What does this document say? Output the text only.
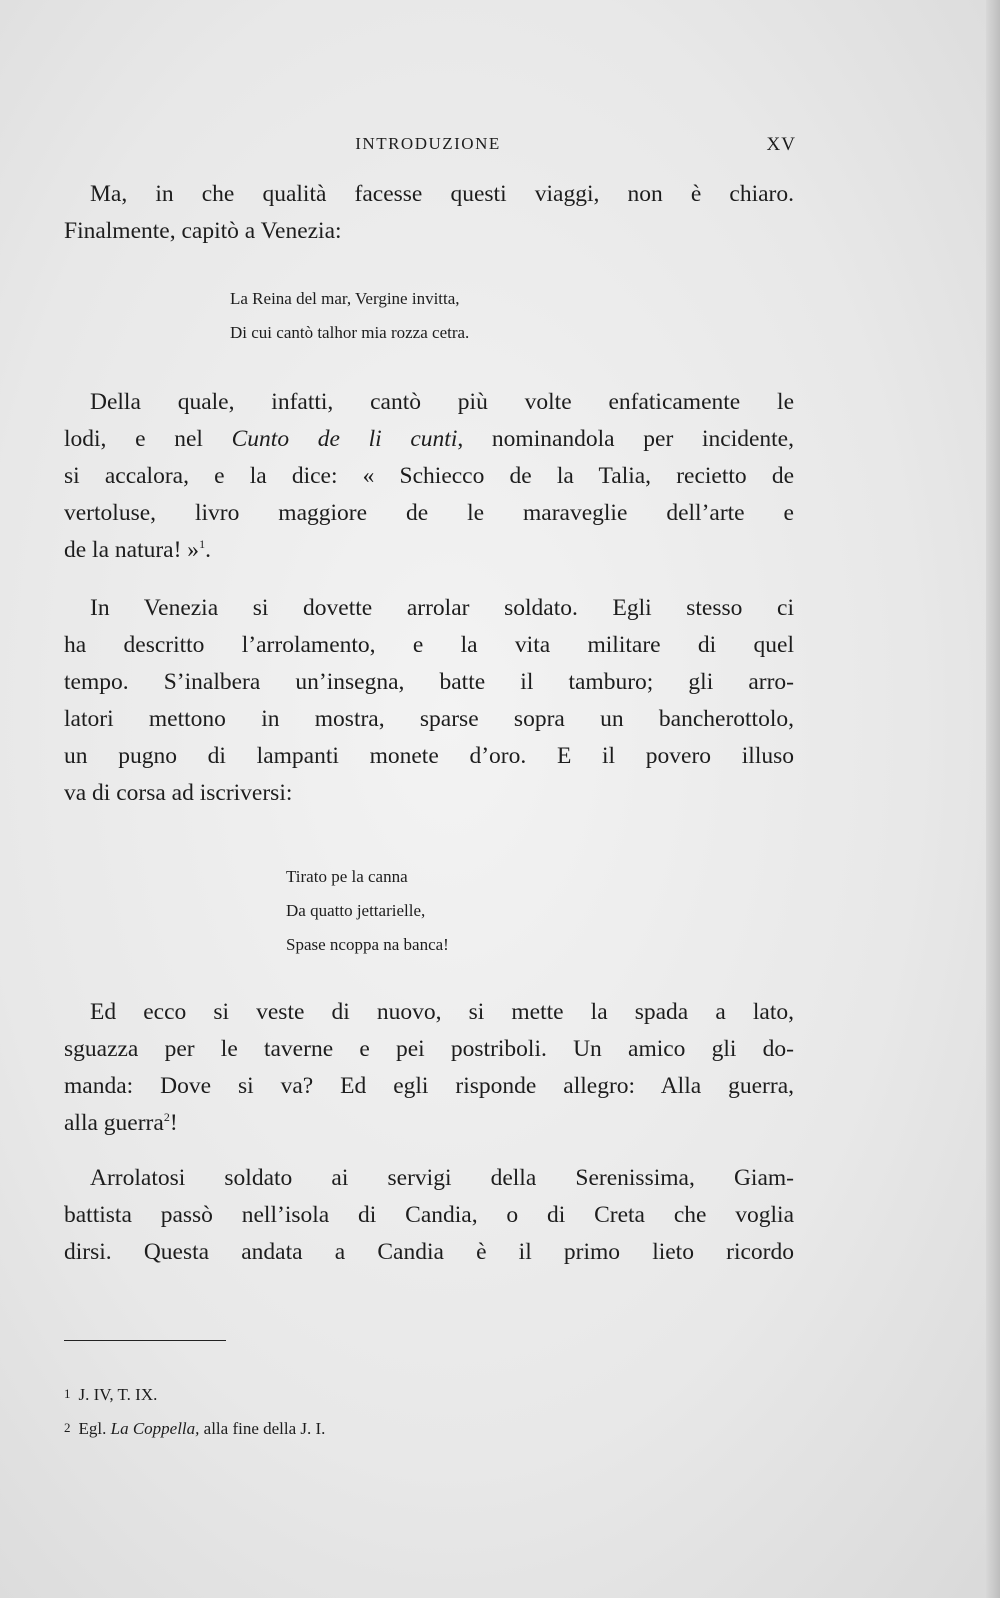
INTRODUZIONE	XV
Ma, in che qualità facesse questi viaggi, non è chiaro.
Finalmente, capitò a Venezia:
La Reina del mar, Vergine invitta,
Di cui cantò talhor mia rozza cetra.
Della quale, infatti, cantò più volte enfaticamente le
lodi, e nel Cunto de li cunti, nominandola per incidente,
si accalora, e la dice: « Schiecco de la Talia, recietto de
vertoluse, livro maggiore de le maraveglie dell’arte e
de la natura! »$^1$.
In Venezia si dovette arrolar soldato. Egli stesso ci
ha descritto l’arrolamento, e la vita militare di quel
tempo. S’inalbera un’insegna, batte il tamburo; gli arro-
latori mettono in mostra, sparse sopra un bancherottolo,
un pugno di lampanti monete d’oro. E il povero illuso
va di corsa ad iscriversi:
Tirato pe la canna
Da quatto jettarielle,
Spase ncoppa na banca!
Ed ecco si veste di nuovo, si mette la spada a lato,
sguazza per le taverne e pei postriboli. Un amico gli do-
manda: Dove si va? Ed egli risponde allegro: Alla guerra,
alla guerra$^2$!
Arrolatosi soldato ai servigi della Serenissima, Giam-
battista passò nell’isola di Candia, o di Creta che voglia
dirsi. Questa andata a Candia è il primo lieto ricordo
$^1$ J. IV, T. IX.
$^2$ Egl. La Coppella, alla fine della J. I.
